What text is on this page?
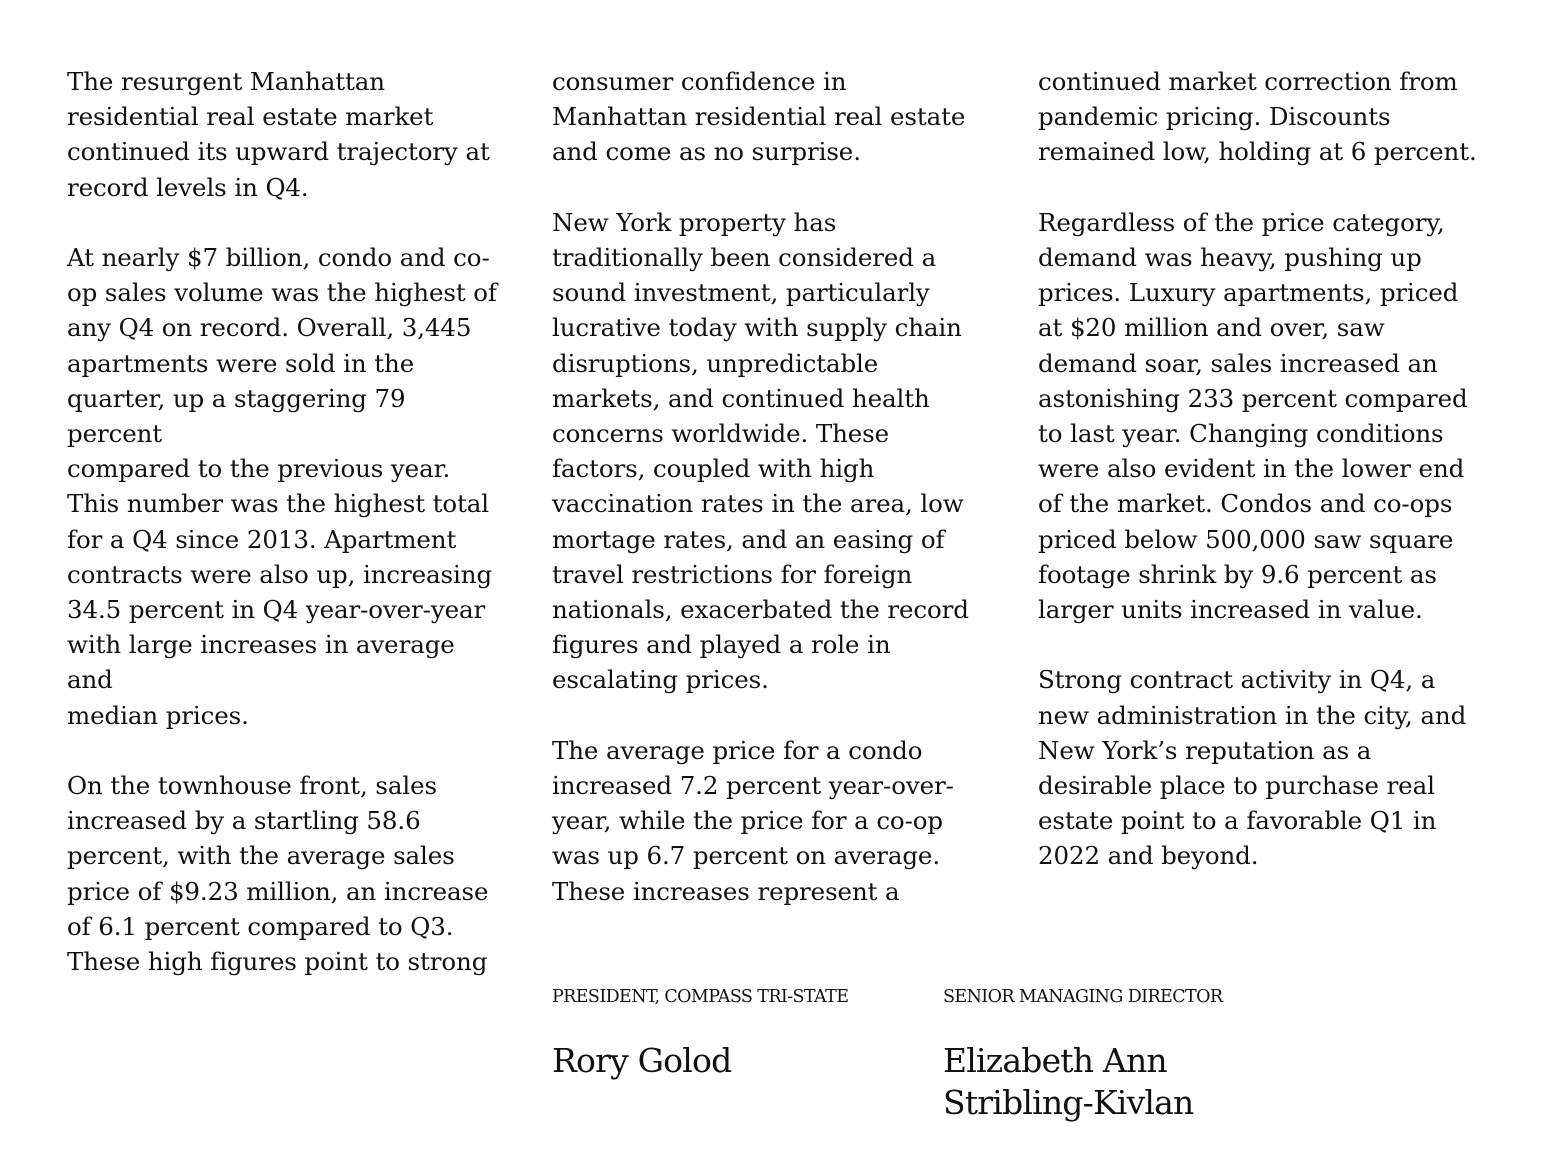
The resurgent Manhattan
residential real estate market
continued its upward trajectory at
record levels in Q4.

At nearly $7 billion, condo and co-
op sales volume was the highest of
any Q4 on record. Overall, 3,445
apartments were sold in the
quarter, up a staggering 79 percent
compared to the previous year.
This number was the highest total
for a Q4 since 2013. Apartment
contracts were also up, increasing
34.5 percent in Q4 year-over-year
with large increases in average and
median prices.

On the townhouse front, sales
increased by a startling 58.6
percent, with the average sales
price of $9.23 million, an increase
of 6.1 percent compared to Q3.
These high figures point to strong

consumer confidence in
Manhattan residential real estate
and come as no surprise.

New York property has
traditionally been considered a
sound investment, particularly
lucrative today with supply chain
disruptions, unpredictable
markets, and continued health
concerns worldwide. These
factors, coupled with high
vaccination rates in the area, low
mortage rates, and an easing of
travel restrictions for foreign
nationals, exacerbated the record
figures and played a role in
escalating prices.

The average price for a condo
increased 7.2 percent year-over-
year, while the price for a co-op
was up 6.7 percent on average.
These increases represent a

continued market correction from
pandemic pricing. Discounts
remained low, holding at 6 percent.

Regardless of the price category,
demand was heavy, pushing up
prices. Luxury apartments, priced
at $20 million and over, saw
demand soar, sales increased an
astonishing 233 percent compared
to last year. Changing conditions
were also evident in the lower end
of the market. Condos and co-ops
priced below 500,000 saw square
footage shrink by 9.6 percent as
larger units increased in value.

Strong contract activity in Q4, a
new administration in the city, and
New York’s reputation as a
desirable place to purchase real
estate point to a favorable Q1 in
2022 and beyond.

PRESIDENT, COMPASS TRI-STATE
Rory Golod
SENIOR MANAGING DIRECTOR
Elizabeth Ann
Stribling-Kivlan
